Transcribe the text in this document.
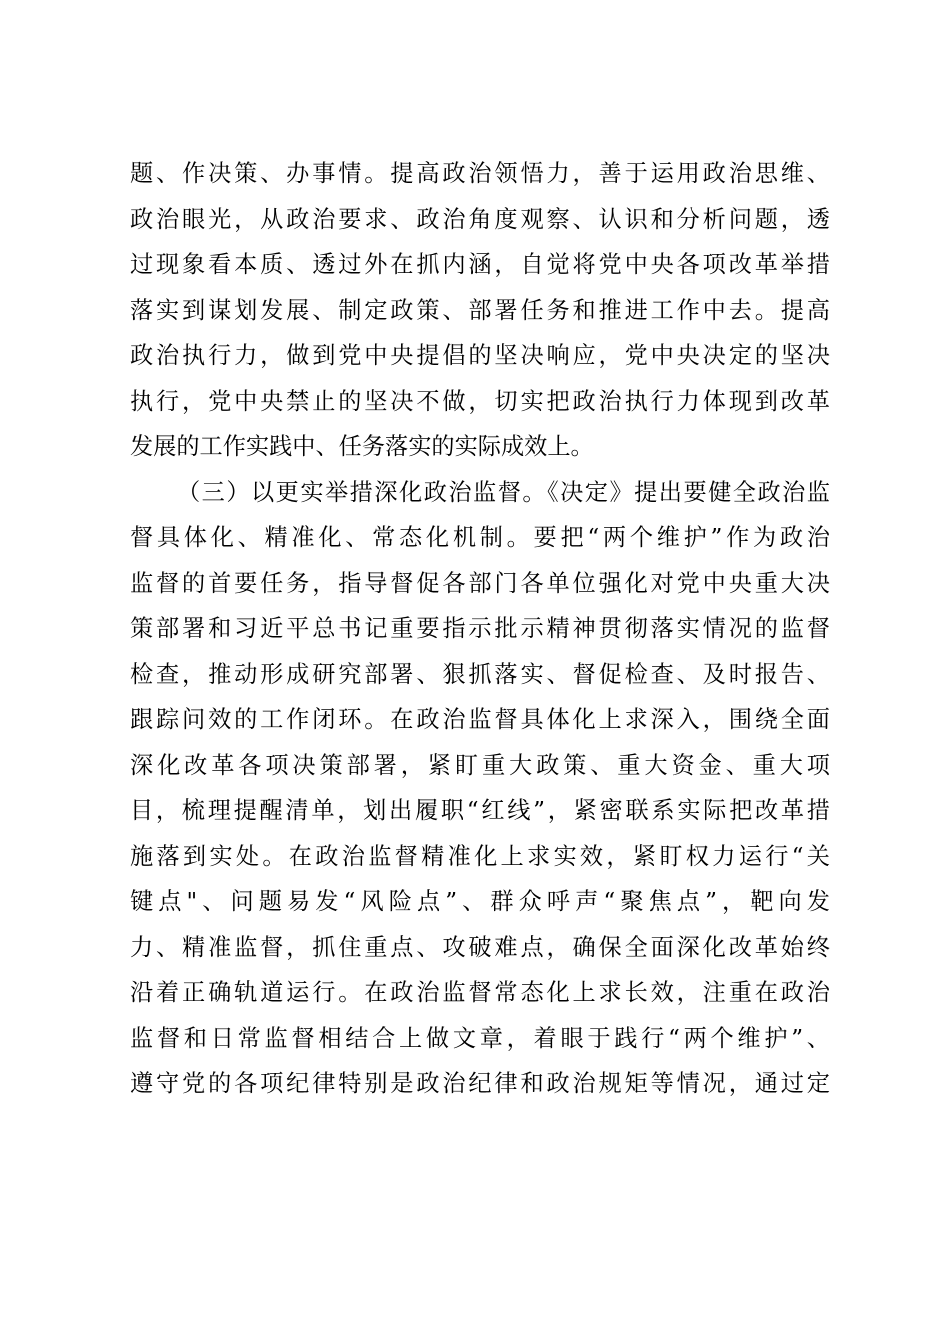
题、作决策、办事情。提高政治领悟力，善于运用政治思维、
政治眼光，从政治要求、政治角度观察、认识和分析问题，透
过现象看本质、透过外在抓内涵，自觉将党中央各项改革举措
落实到谋划发展、制定政策、部署任务和推进工作中去。提高
政治执行力，做到党中央提倡的坚决响应，党中央决定的坚决
执行，党中央禁止的坚决不做，切实把政治执行力体现到改革
发展的工作实践中、任务落实的实际成效上。
（三）以更实举措深化政治监督。《决定》提出要健全政治监
督具体化、精准化、常态化机制。要把“两个维护”作为政治
监督的首要任务，指导督促各部门各单位强化对党中央重大决
策部署和习近平总书记重要指示批示精神贯彻落实情况的监督
检查，推动形成研究部署、狠抓落实、督促检查、及时报告、
跟踪问效的工作闭环。在政治监督具体化上求深入，围绕全面
深化改革各项决策部署，紧盯重大政策、重大资金、重大项
目，梳理提醒清单，划出履职“红线”，紧密联系实际把改革措
施落到实处。在政治监督精准化上求实效，紧盯权力运行“关
键点"、问题易发“风险点”、群众呼声“聚焦点”，靶向发
力、精准监督，抓住重点、攻破难点，确保全面深化改革始终
沿着正确轨道运行。在政治监督常态化上求长效，注重在政治
监督和日常监督相结合上做文章，着眼于践行“两个维护”、
遵守党的各项纪律特别是政治纪律和政治规矩等情况，通过定
